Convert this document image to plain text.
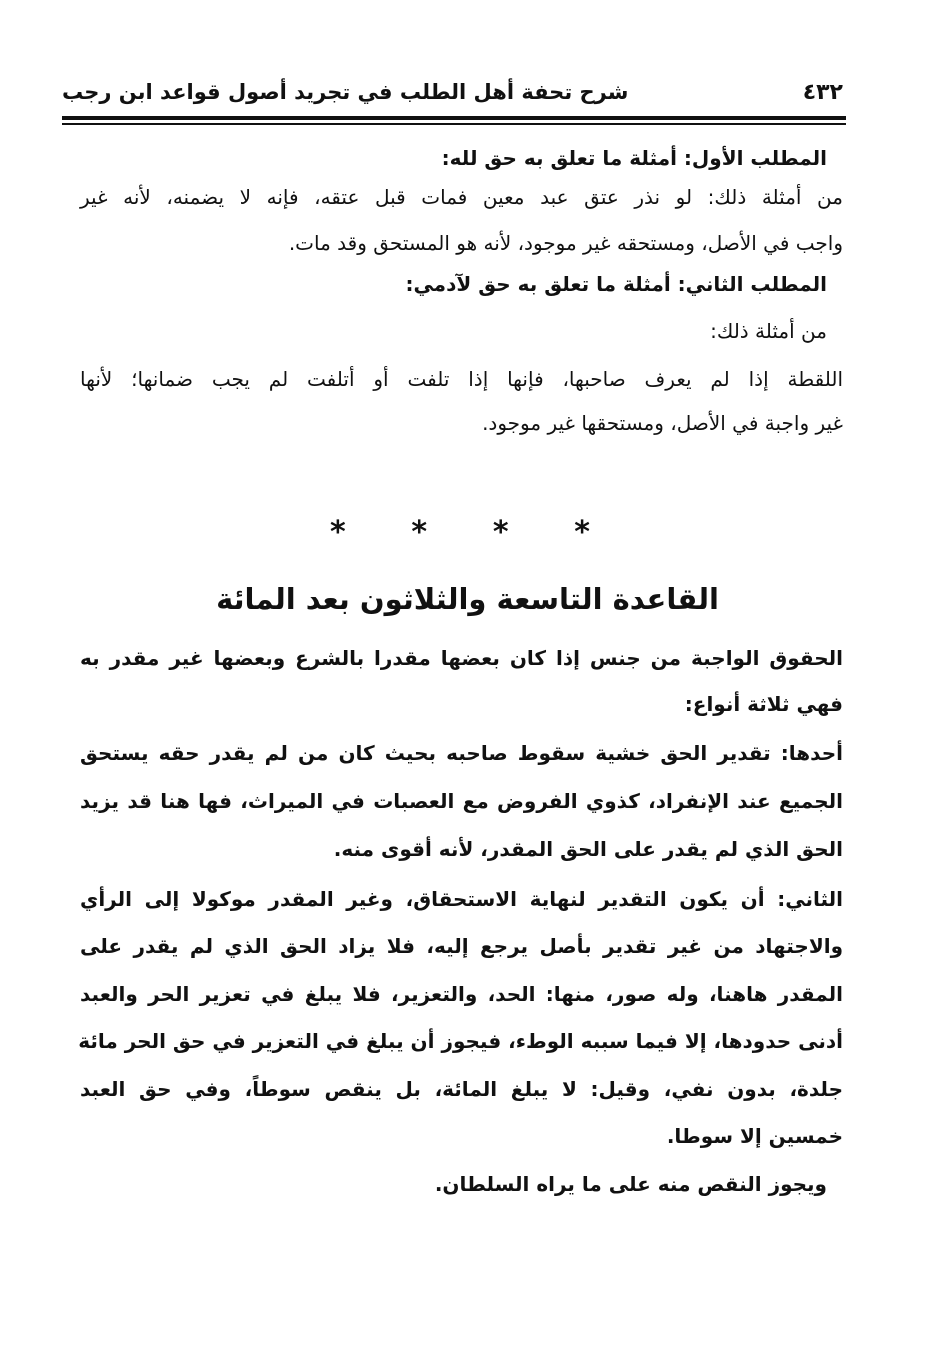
شرح تحفة أهل الطلب في تجريد أصول قواعد ابن رجب	٤٣٢
المطلب الأول: أمثلة ما تعلق به حق لله:
من أمثلة ذلك: لو نذر عتق عبد معين فمات قبل عتقه، فإنه لا يضمنه، لأنه غير
واجب في الأصل، ومستحقه غير موجود، لأنه هو المستحق وقد مات.
المطلب الثاني: أمثلة ما تعلق به حق لآدمي:
من أمثلة ذلك:
اللقطة إذا لم يعرف صاحبها، فإنها إذا تلفت أو أتلفت لم يجب ضمانها؛ لأنها
غير واجبة في الأصل، ومستحقها غير موجود.
* * * *
القاعدة التاسعة والثلاثون بعد المائة
الحقوق الواجبة من جنس إذا كان بعضها مقدرا بالشرع وبعضها غير مقدر به
فهي ثلاثة أنواع:
أحدها: تقدير الحق خشية سقوط صاحبه بحيث كان من لم يقدر حقه يستحق
الجميع عند الإنفراد، كذوي الفروض مع العصبات في الميراث، فها هنا قد يزيد
الحق الذي لم يقدر على الحق المقدر، لأنه أقوى منه.
الثاني: أن يكون التقدير لنهاية الاستحقاق، وغير المقدر موكولا إلى الرأي
والاجتهاد من غير تقدير بأصل يرجع إليه، فلا يزاد الحق الذي لم يقدر على
المقدر هاهنا، وله صور، منها: الحد، والتعزير، فلا يبلغ في تعزير الحر والعبد
أدنى حدودها، إلا فيما سببه الوطء، فيجوز أن يبلغ في التعزير في حق الحر مائة
جلدة، بدون نفي، وقيل: لا يبلغ المائة، بل ينقص سوطاً، وفي حق العبد
خمسين إلا سوطا.
ويجوز النقص منه على ما يراه السلطان.
